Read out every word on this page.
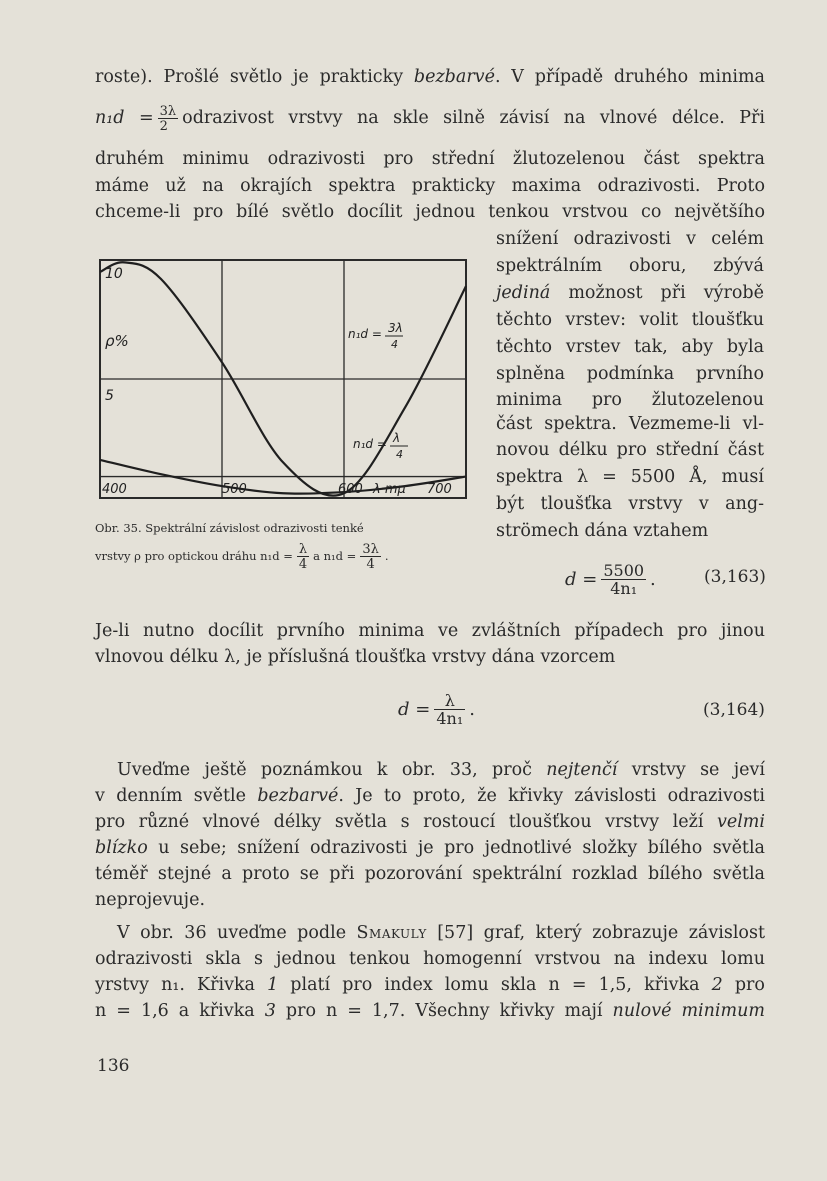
roste). Prošlé světlo je prakticky bezbarvé. V případě druhého minima
$n_1d = \frac{3\lambda}{2}$ odrazivost vrstvy na skle silně závisí na vlnové délce. Při
druhém minimu odrazivosti pro střední žlutozelenou část spektra
máme už na okrajích spektra prakticky maxima odrazivosti. Proto
chceme-li pro bílé světlo docílit jednou tenkou vrstvou co největšího
snížení odrazivosti v celém
spektrálním oboru, zbývá
jediná možnost při výrobě
těchto vrstev: volit tloušťku
těchto vrstev tak, aby byla
splněna podmínka prvního
minima pro žlutozelenou
část spektra. Vezmeme-li vl-
novou délku pro střední část
spektra λ = 5500 Å, musí
být tloušťka vrstvy v ang-
strömech dána vztahem
10
ρ%
5
400	500	600 λ mμ 700
n₁d = 3λ
4
n₁d = λ
4
Obr. 35. Spektrální závislost odrazivosti tenké
vrstvy ρ pro optickou dráhu $n_1d = \frac{\lambda}{4}$ a $n_1d = \frac{3\lambda}{4}$ .
$d = \frac{5500}{\text{4n₁}}$ .	(3,163)
Je-li nutno docílit prvního minima ve zvláštních případech pro jinou
vlnovou délku λ, je příslušná tloušťka vrstvy dána vzorcem
$d = \frac{\lambda}{\text{4n₁}}$ .	(3,164)
Uveďme ještě poznámkou k obr. 33, proč nejtenčí vrstvy se jeví
v denním světle bezbarvé. Je to proto, že křivky závislosti odrazivosti
pro různé vlnové délky světla s rostoucí tloušťkou vrstvy leží velmi
blízko u sebe; snížení odrazivosti je pro jednotlivé složky bílého světla
téměř stejné a proto se při pozorování spektrální rozklad bílého světla
neprojevuje.
V obr. 36 uveďme podle Smakuly [57] graf, který zobrazuje závislost
odrazivosti skla s jednou tenkou homogenní vrstvou na indexu lomu
yrstvy n₁. Křivka 1 platí pro index lomu skla n = 1,5, křivka 2 pro
n = 1,6 a křivka 3 pro n = 1,7. Všechny křivky mají nulové minimum
136
